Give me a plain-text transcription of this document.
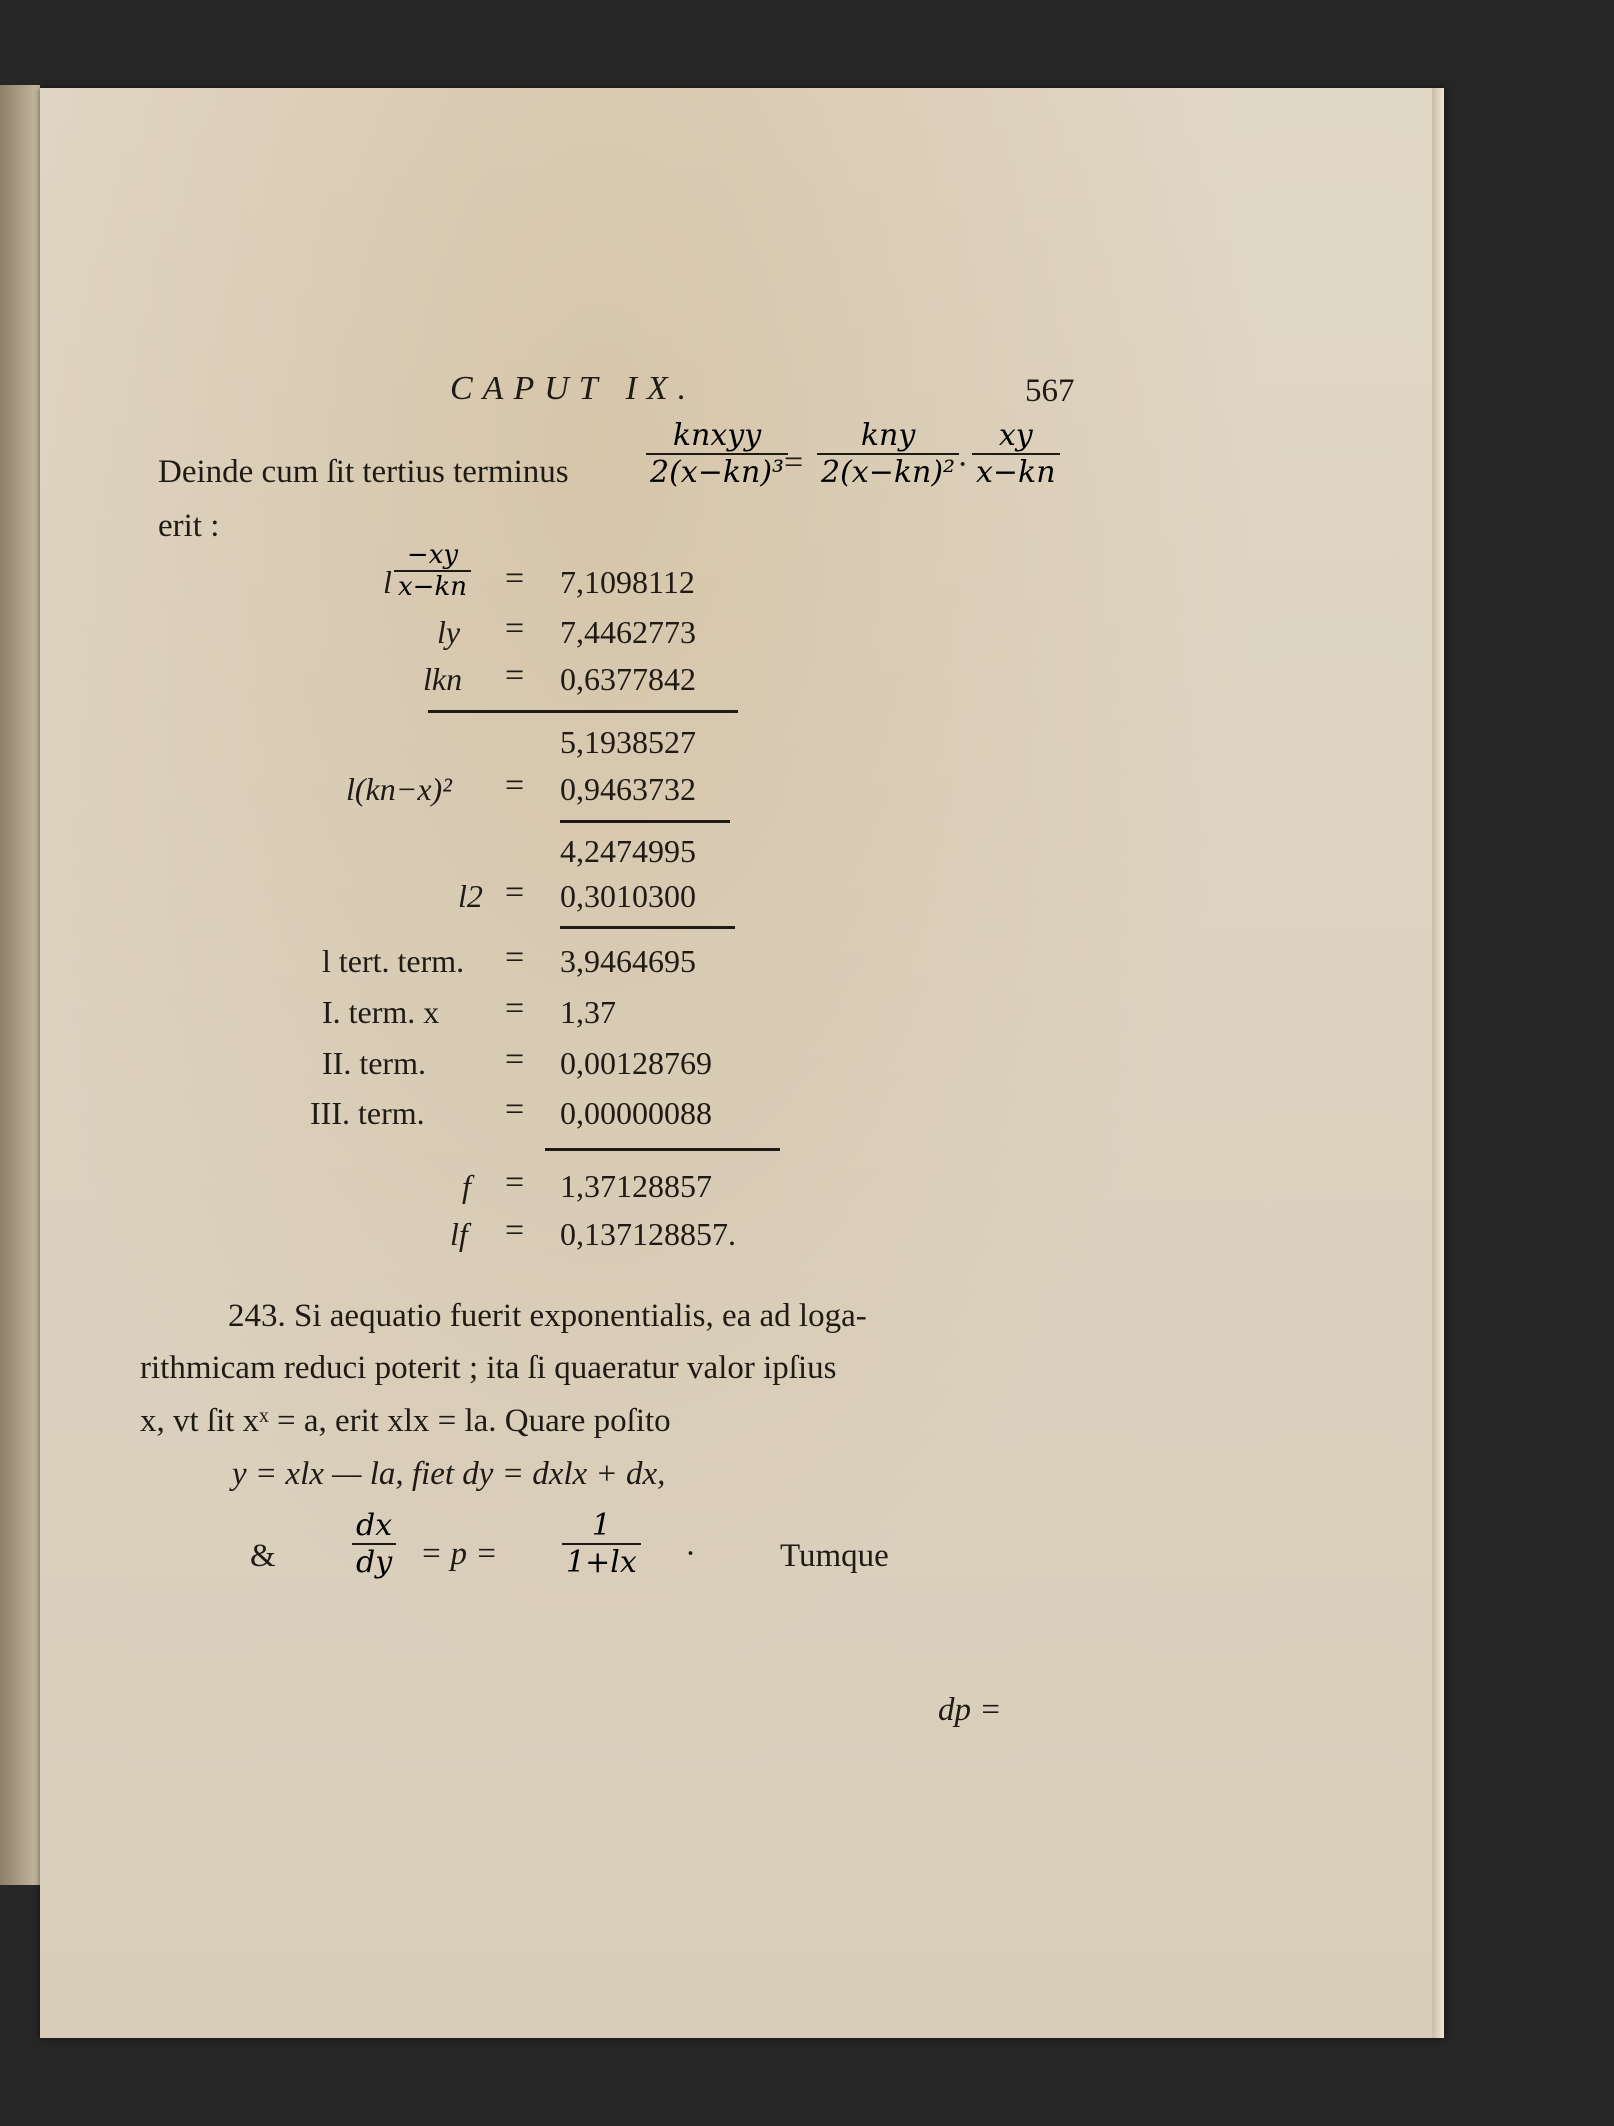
CAPUT IX.	567
Deinde cum ſit tertius terminus
knxyy
2(x−kn)³ =
kny
2(x−kn)² ·
xy
x−kn
erit :
l
−xy
x−kn = 7,1098112
ly = 7,4462773
lkn = 0,6377842
5,1938527
l(kn−x)² = 0,9463732
4,2474995
l2 = 0,3010300
l tert. term. = 3,9464695
I. term. x = 1,37
II. term. = 0,00128769
III. term. = 0,00000088
f = 1,37128857
lf = 0,137128857.
243. Si aequatio fuerit exponentialis, ea ad loga-
rithmicam reduci poterit ; ita ſi quaeratur valor ipſius
x, vt ſit xˣ = a, erit xlx = la. Quare poſito
y = xlx — la, fiet dy = dxlx + dx,
&
dx
dy = p =
1
1+lx ·	Tumque
dp =
